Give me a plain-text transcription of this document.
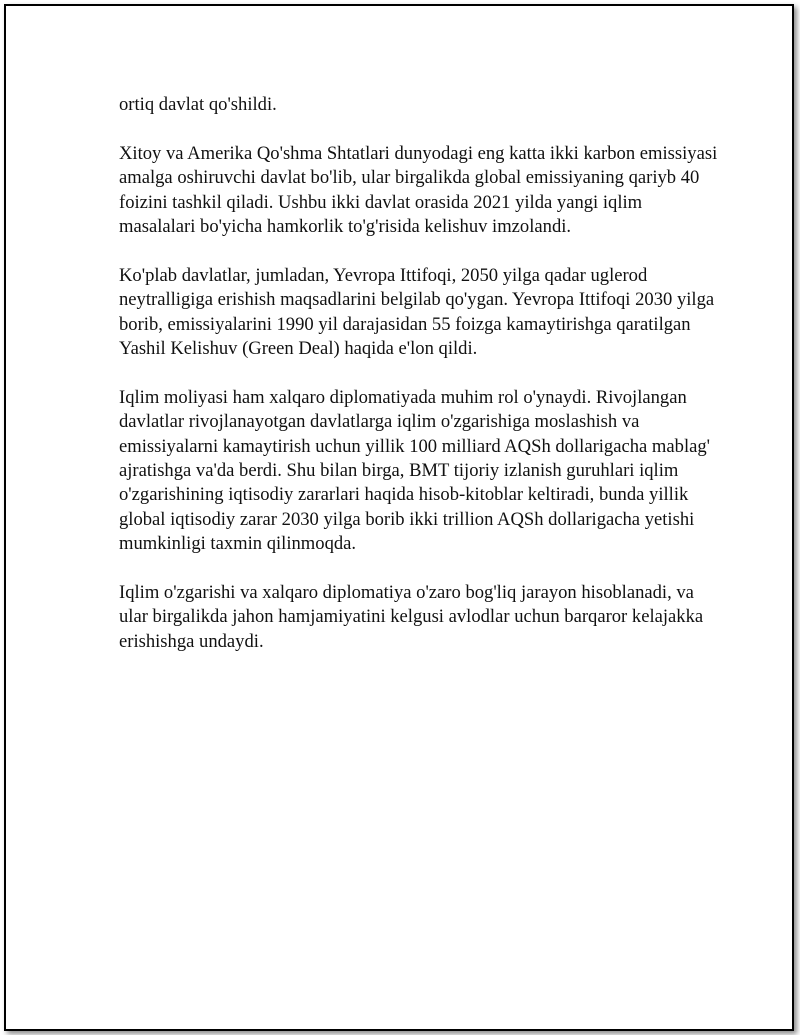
ortiq davlat qo'shildi.

Xitoy va Amerika Qo'shma Shtatlari dunyodagi eng katta ikki karbon emissiyasi amalga oshiruvchi davlat bo'lib, ular birgalikda global emissiyaning qariyb 40 foizini tashkil qiladi. Ushbu ikki davlat orasida 2021 yilda yangi iqlim masalalari bo'yicha hamkorlik to'g'risida kelishuv imzolandi.

Ko'plab davlatlar, jumladan, Yevropa Ittifoqi, 2050 yilga qadar uglerod neytralligiga erishish maqsadlarini belgilab qo'ygan. Yevropa Ittifoqi 2030 yilga borib, emissiyalarini 1990 yil darajasidan 55 foizga kamaytirishga qaratilgan Yashil Kelishuv (Green Deal) haqida e'lon qildi.

Iqlim moliyasi ham xalqaro diplomatiyada muhim rol o'ynaydi. Rivojlangan davlatlar rivojlanayotgan davlatlarga iqlim o'zgarishiga moslashish va emissiyalarni kamaytirish uchun yillik 100 milliard AQSh dollarigacha mablag' ajratishga va'da berdi. Shu bilan birga, BMT tijoriy izlanish guruhlari iqlim o'zgarishining iqtisodiy zararlari haqida hisob-kitoblar keltiradi, bunda yillik global iqtisodiy zarar 2030 yilga borib ikki trillion AQSh dollarigacha yetishi mumkinligi taxmin qilinmoqda.

Iqlim o'zgarishi va xalqaro diplomatiya o'zaro bog'liq jarayon hisoblanadi, va ular birgalikda jahon hamjamiyatini kelgusi avlodlar uchun barqaror kelajakka erishishga undaydi.
